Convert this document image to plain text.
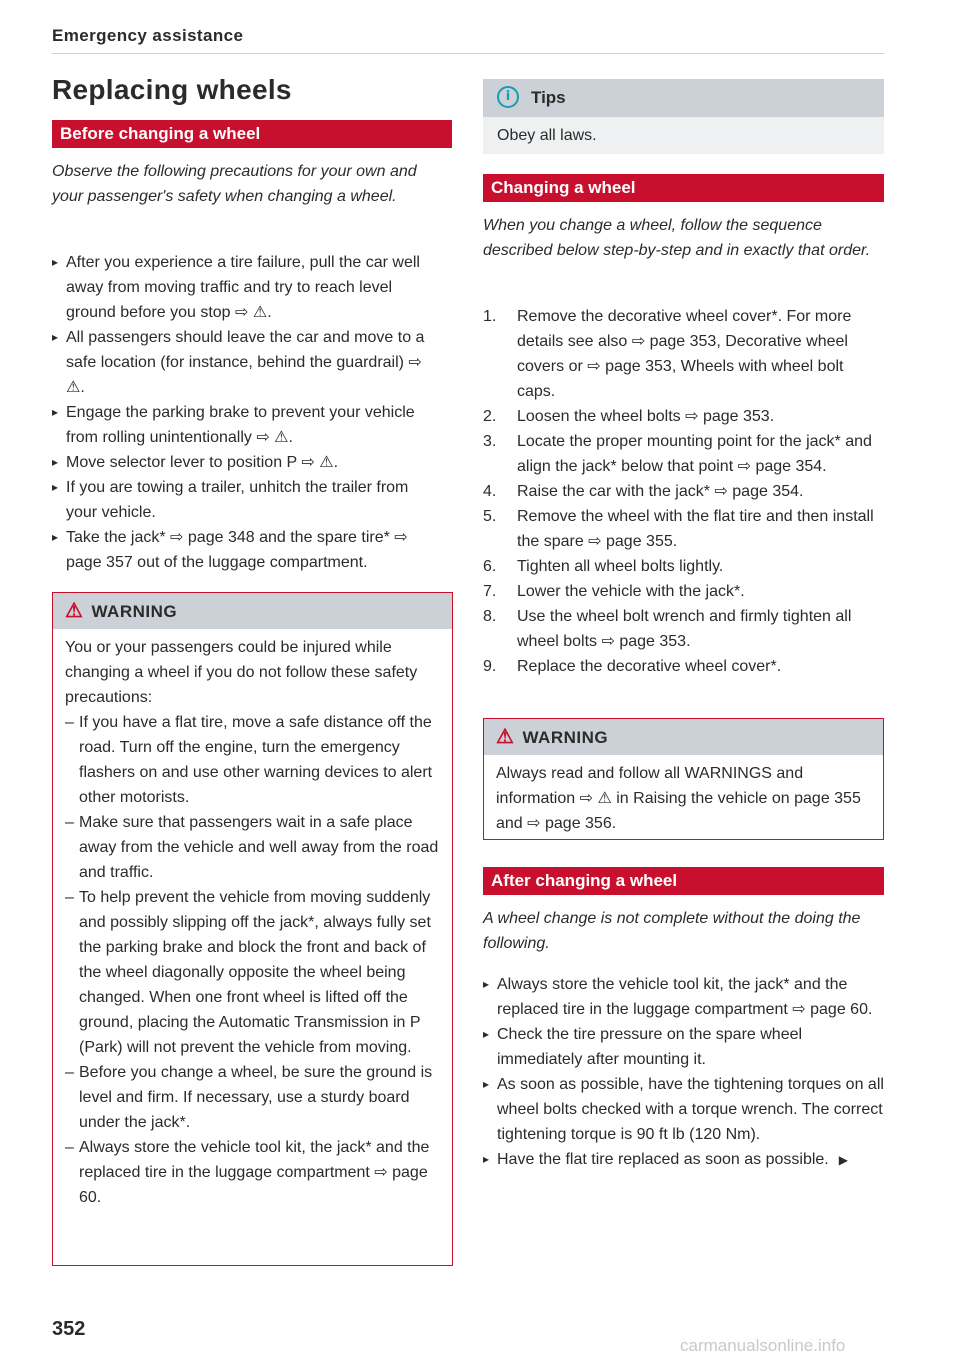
Emergency assistance
Replacing wheels
Before changing a wheel
Observe the following precautions for your own and your passenger's safety when changing a wheel.
▸ After you experience a tire failure, pull the car well away from moving traffic and try to reach level ground before you stop ⇨ ⚠.
▸ All passengers should leave the car and move to a safe location (for instance, behind the guardrail) ⇨ ⚠.
▸ Engage the parking brake to prevent your vehicle from rolling unintentionally ⇨ ⚠.
▸ Move selector lever to position P ⇨ ⚠.
▸ If you are towing a trailer, unhitch the trailer from your vehicle.
▸ Take the jack* ⇨ page 348 and the spare tire* ⇨ page 357 out of the luggage compartment.
⚠ WARNING
You or your passengers could be injured while changing a wheel if you do not follow these safety precautions:
– If you have a flat tire, move a safe distance off the road. Turn off the engine, turn the emergency flashers on and use other warning devices to alert other motorists.
– Make sure that passengers wait in a safe place away from the vehicle and well away from the road and traffic.
– To help prevent the vehicle from moving suddenly and possibly slipping off the jack*, always fully set the parking brake and block the front and back of the wheel diagonally opposite the wheel being changed. When one front wheel is lifted off the ground, placing the Automatic Transmission in P (Park) will not prevent the vehicle from moving.
– Before you change a wheel, be sure the ground is level and firm. If necessary, use a sturdy board under the jack*.
– Always store the vehicle tool kit, the jack* and the replaced tire in the luggage compartment ⇨ page 60.
i Tips
Obey all laws.
Changing a wheel
When you change a wheel, follow the sequence described below step-by-step and in exactly that order.
1. Remove the decorative wheel cover*. For more details see also ⇨ page 353, Decorative wheel covers or ⇨ page 353, Wheels with wheel bolt caps.
2. Loosen the wheel bolts ⇨ page 353.
3. Locate the proper mounting point for the jack* and align the jack* below that point ⇨ page 354.
4. Raise the car with the jack* ⇨ page 354.
5. Remove the wheel with the flat tire and then install the spare ⇨ page 355.
6. Tighten all wheel bolts lightly.
7. Lower the vehicle with the jack*.
8. Use the wheel bolt wrench and firmly tighten all wheel bolts ⇨ page 353.
9. Replace the decorative wheel cover*.
⚠ WARNING
Always read and follow all WARNINGS and information ⇨ ⚠ in Raising the vehicle on page 355 and ⇨ page 356.
After changing a wheel
A wheel change is not complete without the doing the following.
▸ Always store the vehicle tool kit, the jack* and the replaced tire in the luggage compartment ⇨ page 60.
▸ Check the tire pressure on the spare wheel immediately after mounting it.
▸ As soon as possible, have the tightening torques on all wheel bolts checked with a torque wrench. The correct tightening torque is 90 ft lb (120 Nm).
▸ Have the flat tire replaced as soon as possible. ▶
352
carmanualsonline.info
